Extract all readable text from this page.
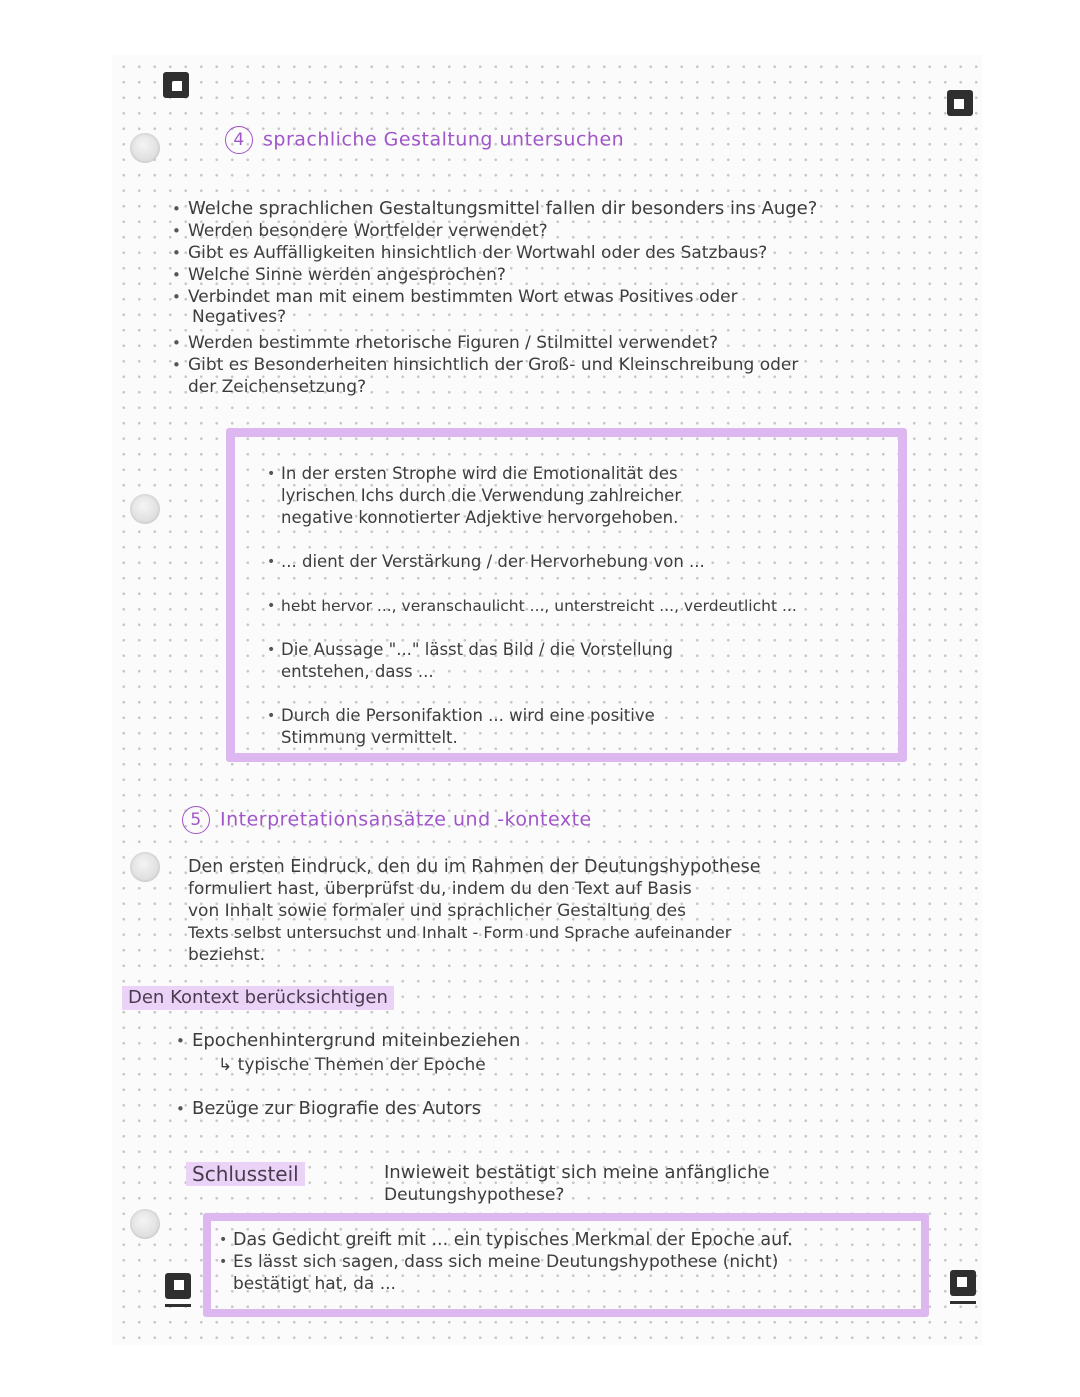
4 sprachliche Gestaltung untersuchen
• Welche sprachlichen Gestaltungsmittel fallen dir besonders ins Auge?
• Werden besondere Wortfelder verwendet?
• Gibt es Auffälligkeiten hinsichtlich der Wortwahl oder des Satzbaus?
• Welche Sinne werden angesprochen?
• Verbindet man mit einem bestimmten Wort etwas Positives oder
Negatives?
• Werden bestimmte rhetorische Figuren / Stilmittel verwendet?
• Gibt es Besonderheiten hinsichtlich der Groß- und Kleinschreibung oder
der Zeichensetzung?
• In der ersten Strophe wird die Emotionalität des
lyrischen Ichs durch die Verwendung zahlreicher
negative konnotierter Adjektive hervorgehoben.
• ... dient der Verstärkung / der Hervorhebung von ...
• hebt hervor ..., veranschaulicht ..., unterstreicht ..., verdeutlicht ...
• Die Aussage "..." lässt das Bild / die Vorstellung
entstehen, dass ...
• Durch die Personifaktion ... wird eine positive
Stimmung vermittelt.
5 Interpretationsansätze und -kontexte
Den ersten Eindruck, den du im Rahmen der Deutungshypothese
formuliert hast, überprüfst du, indem du den Text auf Basis
von Inhalt sowie formaler und sprachlicher Gestaltung des
Texts selbst untersuchst und Inhalt - Form und Sprache aufeinander
beziehst.
Den Kontext berücksichtigen
• Epochenhintergrund miteinbeziehen
↳ typische Themen der Epoche
• Bezüge zur Biografie des Autors
Schlussteil	Inwieweit bestätigt sich meine anfängliche
Deutungshypothese?
• Das Gedicht greift mit ... ein typisches Merkmal der Epoche auf.
• Es lässt sich sagen, dass sich meine Deutungshypothese (nicht)
bestätigt hat, da ...
